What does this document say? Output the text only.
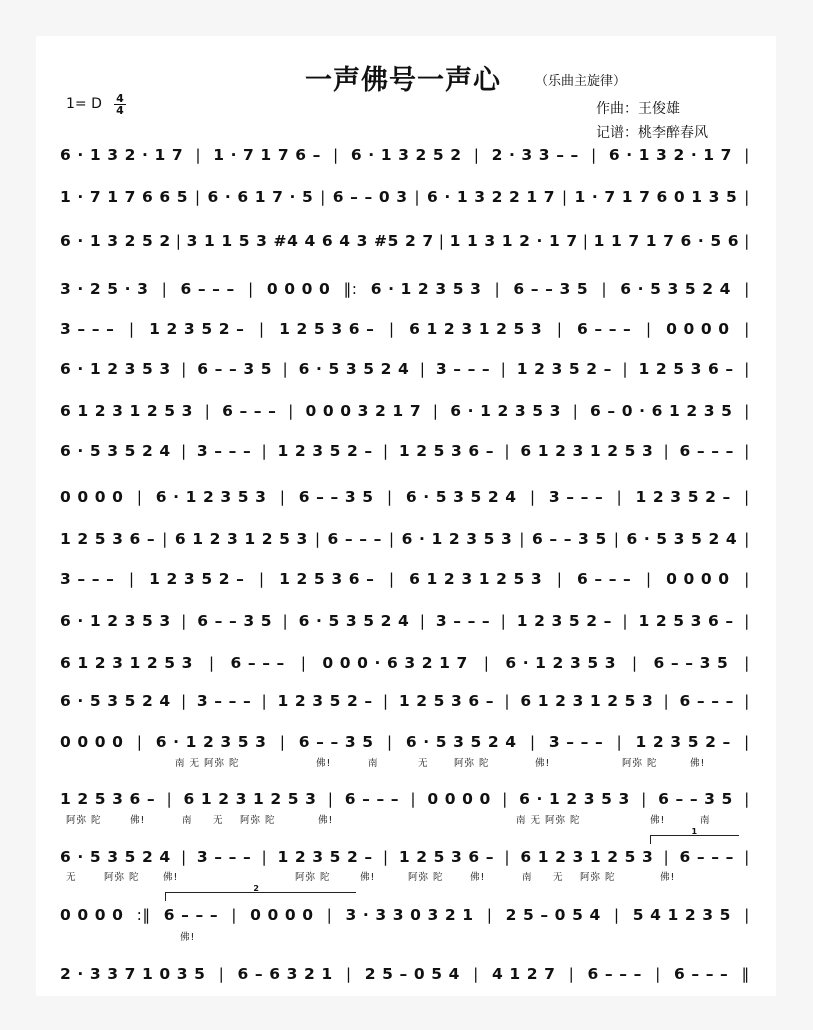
一声佛号一声心	（乐曲主旋律）
1= D 4
4	作曲：王俊雄
记谱：桃李醉春风
6 · 1 3 2 · 1 7 | 1 · 7 1 7 6 – | 6 · 1 3 2 5 2 | 2 · 3 3 – – | 6 · 1 3 2 · 1 7 |
1 · 7 1 7 6 6 5 | 6 · 6 1 7 · 5 | 6 – – 0 3 | 6 · 1 3 2 2 1 7 | 1 · 7 1 7 6 0 1 3 5 |
6 · 1 3 2 5 2 | 3 1 1 5 3 #4 4 6 4 3 #5 2 7 | 1 1 3 1 2 · 1 7 | 1 1 7 1 7 6 · 5 6 |
3 · 2 5 · 3 | 6 – – – | 0 0 0 0 ‖: 6 · 1 2 3 5 3 | 6 – – 3 5 | 6 · 5 3 5 2 4 |
3 – – – | 1 2 3 5 2 – | 1 2 5 3 6 – | 6 1 2 3 1 2 5 3 | 6 – – – | 0 0 0 0 |
6 · 1 2 3 5 3 | 6 – – 3 5 | 6 · 5 3 5 2 4 | 3 – – – | 1 2 3 5 2 – | 1 2 5 3 6 – |
6 1 2 3 1 2 5 3 | 6 – – – | 0 0 0 3 2 1 7 | 6 · 1 2 3 5 3 | 6 – 0 · 6 1 2 3 5 |
6 · 5 3 5 2 4 | 3 – – – | 1 2 3 5 2 – | 1 2 5 3 6 – | 6 1 2 3 1 2 5 3 | 6 – – – |
0 0 0 0 | 6 · 1 2 3 5 3 | 6 – – 3 5 | 6 · 5 3 5 2 4 | 3 – – – | 1 2 3 5 2 – |
1 2 5 3 6 – | 6 1 2 3 1 2 5 3 | 6 – – – | 6 · 1 2 3 5 3 | 6 – – 3 5 | 6 · 5 3 5 2 4 |
3 – – – | 1 2 3 5 2 – | 1 2 5 3 6 – | 6 1 2 3 1 2 5 3 | 6 – – – | 0 0 0 0 |
6 · 1 2 3 5 3 | 6 – – 3 5 | 6 · 5 3 5 2 4 | 3 – – – | 1 2 3 5 2 – | 1 2 5 3 6 – |
6 1 2 3 1 2 5 3 | 6 – – – | 0 0 0 · 6 3 2 1 7 | 6 · 1 2 3 5 3 | 6 – – 3 5 |
6 · 5 3 5 2 4 | 3 – – – | 1 2 3 5 2 – | 1 2 5 3 6 – | 6 1 2 3 1 2 5 3 | 6 – – – |
0 0 0 0 | 6 · 1 2 3 5 3 | 6 – – 3 5 | 6 · 5 3 5 2 4 | 3 – – – | 1 2 3 5 2 – |
1 2 5 3 6 – | 6 1 2 3 1 2 5 3 | 6 – – – | 0 0 0 0 | 6 · 1 2 3 5 3 | 6 – – 3 5 |
6 · 5 3 5 2 4 | 3 – – – | 1 2 3 5 2 – | 1 2 5 3 6 – | 6 1 2 3 1 2 5 3 | 6 – – – |
0 0 0 0 :‖ 6 – – – | 0 0 0 0 | 3 · 3 3 0 3 2 1 | 2 5 – 0 5 4 | 5 4 1 2 3 5 |
2 · 3 3 7 1 0 3 5 | 6 – 6 3 2 1 | 2 5 – 0 5 4 | 4 1 2 7 | 6 – – – | 6 – – – ‖
1
2
南 无 阿弥 陀	佛!	南	无	阿弥 陀	佛!	阿弥 陀	佛!
阿弥 陀	佛!	南 无 阿弥 陀	佛!	南 无 阿弥 陀	佛!	南
无	阿弥 陀 佛!	阿弥 陀	佛!	阿弥 陀	佛!	南 无 阿弥 陀	佛!
佛!
